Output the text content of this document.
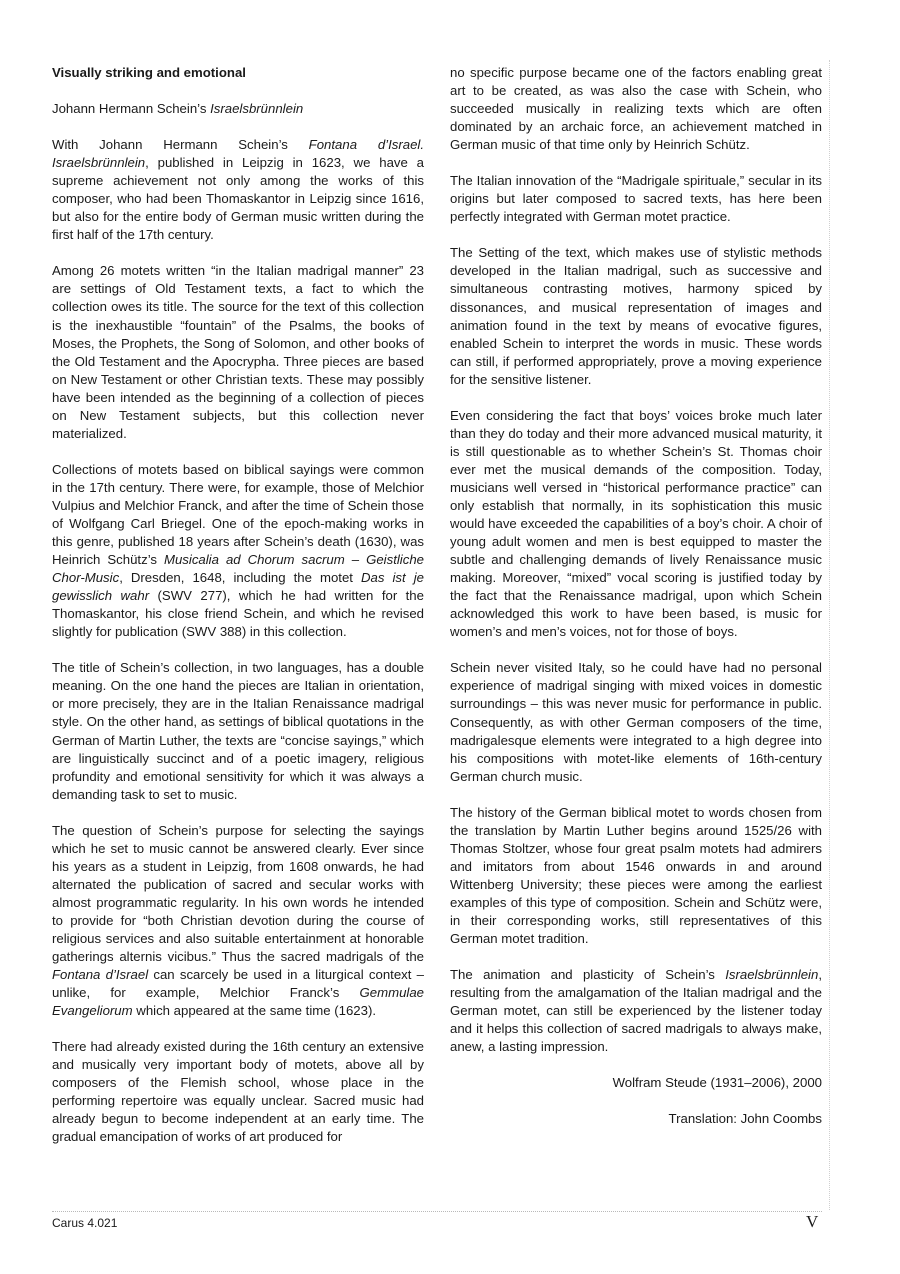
Visually striking and emotional

Johann Hermann Schein’s Israelsbrünnlein

With Johann Hermann Schein’s Fontana d’Israel. Israelsbrünnlein, published in Leipzig in 1623, we have a supreme achievement not only among the works of this composer, who had been Thomaskantor in Leipzig since 1616, but also for the entire body of German music written during the first half of the 17th century.

Among 26 motets written “in the Italian madrigal manner” 23 are settings of Old Testament texts, a fact to which the collection owes its title. The source for the text of this collection is the inexhaustible “fountain” of the Psalms, the books of Moses, the Prophets, the Song of Solomon, and other books of the Old Testament and the Apocrypha. Three pieces are based on New Testament or other Christian texts. These may possibly have been intended as the beginning of a collection of pieces on New Testament subjects, but this collection never materialized.

Collections of motets based on biblical sayings were common in the 17th century. There were, for example, those of Melchior Vulpius and Melchior Franck, and after the time of Schein those of Wolfgang Carl Briegel. One of the epoch-making works in this genre, published 18 years after Schein’s death (1630), was Heinrich Schütz’s Musicalia ad Chorum sacrum – Geistliche Chor-Music, Dresden, 1648, including the motet Das ist je gewisslich wahr (SWV 277), which he had written for the Thomaskantor, his close friend Schein, and which he revised slightly for publication (SWV 388) in this collection.

The title of Schein’s collection, in two languages, has a double meaning. On the one hand the pieces are Italian in orientation, or more precisely, they are in the Italian Renaissance madrigal style. On the other hand, as settings of biblical quotations in the German of Martin Luther, the texts are “concise sayings,” which are linguistically succinct and of a poetic imagery, religious profundity and emotional sensitivity for which it was always a demanding task to set to music.

The question of Schein’s purpose for selecting the sayings which he set to music cannot be answered clearly. Ever since his years as a student in Leipzig, from 1608 onwards, he had alternated the publication of sacred and secular works with almost programmatic regularity. In his own words he intended to provide for “both Christian devotion during the course of religious services and also suitable entertainment at honorable gatherings alternis vicibus.” Thus the sacred madrigals of the Fontana d’Israel can scarcely be used in a liturgical context – unlike, for example, Melchior Franck’s Gemmulae Evangeliorum which appeared at the same time (1623).

There had already existed during the 16th century an extensive and musically very important body of motets, above all by composers of the Flemish school, whose place in the performing repertoire was equally unclear. Sacred music had already begun to become independent at an early time. The gradual emancipation of works of art produced for

no specific purpose became one of the factors enabling great art to be created, as was also the case with Schein, who succeeded musically in realizing texts which are often dominated by an archaic force, an achievement matched in German music of that time only by Heinrich Schütz.

The Italian innovation of the “Madrigale spirituale,” secular in its origins but later composed to sacred texts, has here been perfectly integrated with German motet practice.

The Setting of the text, which makes use of stylistic methods developed in the Italian madrigal, such as successive and simultaneous contrasting motives, harmony spiced by dissonances, and musical representation of images and animation found in the text by means of evocative figures, enabled Schein to interpret the words in music. These words can still, if performed appropriately, prove a moving experience for the sensitive listener.

Even considering the fact that boys’ voices broke much later than they do today and their more advanced musical maturity, it is still questionable as to whether Schein’s St. Thomas choir ever met the musical demands of the composition. Today, musicians well versed in “historical performance practice” can only establish that normally, in its sophistication this music would have exceeded the capabilities of a boy’s choir. A choir of young adult women and men is best equipped to master the subtle and challenging demands of lively Renaissance music making. Moreover, “mixed” vocal scoring is justified today by the fact that the Renaissance madrigal, upon which Schein acknowledged this work to have been based, is music for women’s and men’s voices, not for those of boys.

Schein never visited Italy, so he could have had no personal experience of madrigal singing with mixed voices in domestic surroundings – this was never music for performance in public. Consequently, as with other German composers of the time, madrigalesque elements were integrated to a high degree into his compositions with motet-like elements of 16th-century German church music.

The history of the German biblical motet to words chosen from the translation by Martin Luther begins around 1525/26 with Thomas Stoltzer, whose four great psalm motets had admirers and imitators from about 1546 onwards in and around Wittenberg University; these pieces were among the earliest examples of this type of composition. Schein and Schütz were, in their corresponding works, still representatives of this German motet tradition.

The animation and plasticity of Schein’s Israelsbrünnlein, resulting from the amalgamation of the Italian madrigal and the German motet, can still be experienced by the listener today and it helps this collection of sacred madrigals to always make, anew, a lasting impression.

Wolfram Steude (1931–2006), 2000

Translation: John Coombs

Carus 4.021	V
